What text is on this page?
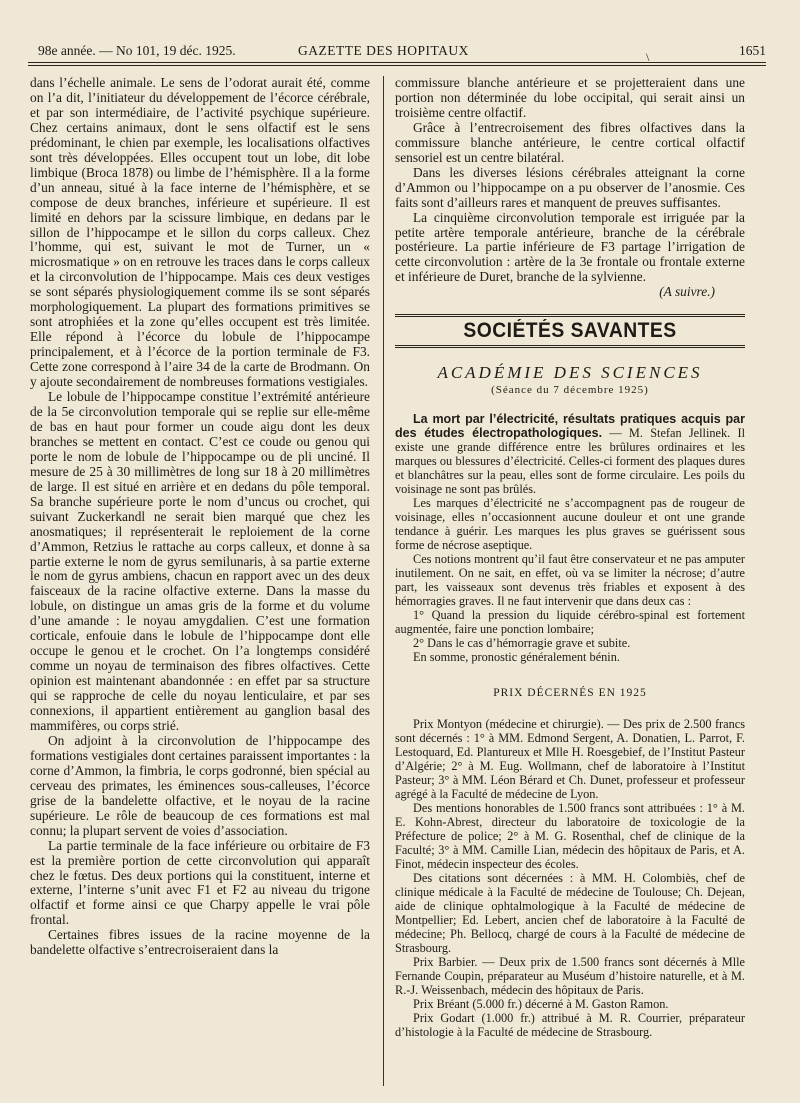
98e année. — No 101, 19 déc. 1925.	GAZETTE DES HOPITAUX	\	1651

dans l’échelle animale. Le sens de l’odorat aurait été, comme on l’a dit, l’initiateur du développement de l’écorce cérébrale, et par son intermédiaire, de l’activité psychique supérieure. Chez certains animaux, dont le sens olfactif est le sens prédominant, le chien par exemple, les localisations olfactives sont très développées. Elles occupent tout un lobe, dit lobe limbique (Broca 1878) ou limbe de l’hémisphère. Il a la forme d’un anneau, situé à la face interne de l’hémisphère, et se compose de deux branches, inférieure et supérieure. Il est limité en dehors par la scissure limbique, en dedans par le sillon de l’hippocampe et le sillon du corps calleux. Chez l’homme, qui est, suivant le mot de Turner, un « microsmatique » on en retrouve les traces dans le corps calleux et la circonvolution de l’hippocampe. Mais ces deux vestiges se sont séparés physiologiquement comme ils se sont séparés morphologiquement. La plupart des formations primitives se sont atrophiées et la zone qu’elles occupent est très limitée. Elle répond à l’écorce du lobule de l’hippocampe principalement, et à l’écorce de la portion terminale de F3. Cette zone correspond à l’aire 34 de la carte de Brodmann. On y ajoute secondairement de nombreuses formations vestigiales.

Le lobule de l’hippocampe constitue l’extrémité antérieure de la 5e circonvolution temporale qui se replie sur elle-même de bas en haut pour former un coude aigu dont les deux branches se mettent en contact. C’est ce coude ou genou qui porte le nom de lobule de l’hippocampe ou de pli unciné. Il mesure de 25 à 30 millimètres de long sur 18 à 20 millimètres de large. Il est situé en arrière et en dedans du pôle temporal. Sa branche supérieure porte le nom d’uncus ou crochet, qui suivant Zuckerkandl ne serait bien marqué que chez les anosmatiques; il représenterait le reploiement de la corne d’Ammon, Retzius le rattache au corps calleux, et donne à sa partie externe le nom de gyrus semilunaris, à sa partie externe le nom de gyrus ambiens, chacun en rapport avec un des deux faisceaux de la racine olfactive externe. Dans la masse du lobule, on distingue un amas gris de la forme et du volume d’une amande : le noyau amygdalien. C’est une formation corticale, enfouie dans le lobule de l’hippocampe dont elle occupe le genou et le crochet. On l’a longtemps considéré comme un noyau de terminaison des fibres olfactives. Cette opinion est maintenant abandonnée : en effet par sa structure qui se rapproche de celle du noyau lenticulaire, et par ses connexions, il appartient entièrement au ganglion basal des mammifères, ou corps strié.

On adjoint à la circonvolution de l’hippocampe des formations vestigiales dont certaines paraissent importantes : la corne d’Ammon, la fimbria, le corps godronné, bien spécial au cerveau des primates, les éminences sous-calleuses, l’écorce grise de la bandelette olfactive, et le noyau de la racine supérieure. Le rôle de beaucoup de ces formations est mal connu; la plupart servent de voies d’association.

La partie terminale de la face inférieure ou orbitaire de F3 est la première portion de cette circonvolution qui apparaît chez le fœtus. Des deux portions qui la constituent, interne et externe, l’interne s’unit avec F1 et F2 au niveau du trigone olfactif et forme ainsi ce que Charpy appelle le vrai pôle frontal.

Certaines fibres issues de la racine moyenne de la bandelette olfactive s’entrecroiseraient dans la

commissure blanche antérieure et se projetteraient dans une portion non déterminée du lobe occipital, qui serait ainsi un troisième centre olfactif.

Grâce à l’entrecroisement des fibres olfactives dans la commissure blanche antérieure, le centre cortical olfactif sensoriel est un centre bilatéral.

Dans les diverses lésions cérébrales atteignant la corne d’Ammon ou l’hippocampe on a pu observer de l’anosmie. Ces faits sont d’ailleurs rares et manquent de preuves suffisantes.

La cinquième circonvolution temporale est irriguée par la petite artère temporale antérieure, branche de la cérébrale postérieure. La partie inférieure de F3 partage l’irrigation de cette circonvolution : artère de la 3e frontale ou frontale externe et inférieure de Duret, branche de la sylvienne.

(A suivre.)
SOCIÉTÉS SAVANTES
ACADÉMIE DES SCIENCES
(Séance du 7 décembre 1925)

La mort par l’électricité, résultats pratiques acquis par des études électropathologiques. — M. Stefan Jellinek. Il existe une grande différence entre les brûlures ordinaires et les marques ou blessures d’électricité. Celles-ci forment des plaques dures et blanchâtres sur la peau, elles sont de forme circulaire. Les poils du voisinage ne sont pas brûlés.

Les marques d’électricité ne s’accompagnent pas de rougeur de voisinage, elles n’occasionnent aucune douleur et ont une grande tendance à guérir. Les marques les plus graves se guérissent sous forme de nécrose aseptique.

Ces notions montrent qu’il faut être conservateur et ne pas amputer inutilement. On ne sait, en effet, où va se limiter la nécrose; d’autre part, les vaisseaux sont devenus très friables et exposent à des hémorragies graves. Il ne faut intervenir que dans deux cas :

1° Quand la pression du liquide cérébro-spinal est fortement augmentée, faire une ponction lombaire;

2° Dans le cas d’hémorragie grave et subite.

En somme, pronostic généralement bénin.

PRIX DÉCERNÉS EN 1925

Prix Montyon (médecine et chirurgie). — Des prix de 2.500 francs sont décernés : 1° à MM. Edmond Sergent, A. Donatien, L. Parrot, F. Lestoquard, Ed. Plantureux et Mlle H. Roesgebief, de l’Institut Pasteur d’Algérie; 2° à M. Eug. Wollmann, chef de laboratoire à l’Institut Pasteur; 3° à MM. Léon Bérard et Ch. Dunet, professeur et professeur agrégé à la Faculté de médecine de Lyon.

Des mentions honorables de 1.500 francs sont attribuées : 1° à M. E. Kohn-Abrest, directeur du laboratoire de toxicologie de la Préfecture de police; 2° à M. G. Rosenthal, chef de clinique de la Faculté; 3° à MM. Camille Lian, médecin des hôpitaux de Paris, et A. Finot, médecin inspecteur des écoles.

Des citations sont décernées : à MM. H. Colombiès, chef de clinique médicale à la Faculté de médecine de Toulouse; Ch. Dejean, aide de clinique ophtalmologique à la Faculté de médecine de Montpellier; Ed. Lebert, ancien chef de laboratoire à la Faculté de médecine; Ph. Bellocq, chargé de cours à la Faculté de médecine de Strasbourg.

Prix Barbier. — Deux prix de 1.500 francs sont décernés à Mlle Fernande Coupin, préparateur au Muséum d’histoire naturelle, et à M. R.-J. Weissenbach, médecin des hôpitaux de Paris.

Prix Bréant (5.000 fr.) décerné à M. Gaston Ramon.

Prix Godart (1.000 fr.) attribué à M. R. Courrier, préparateur d’histologie à la Faculté de médecine de Strasbourg.
